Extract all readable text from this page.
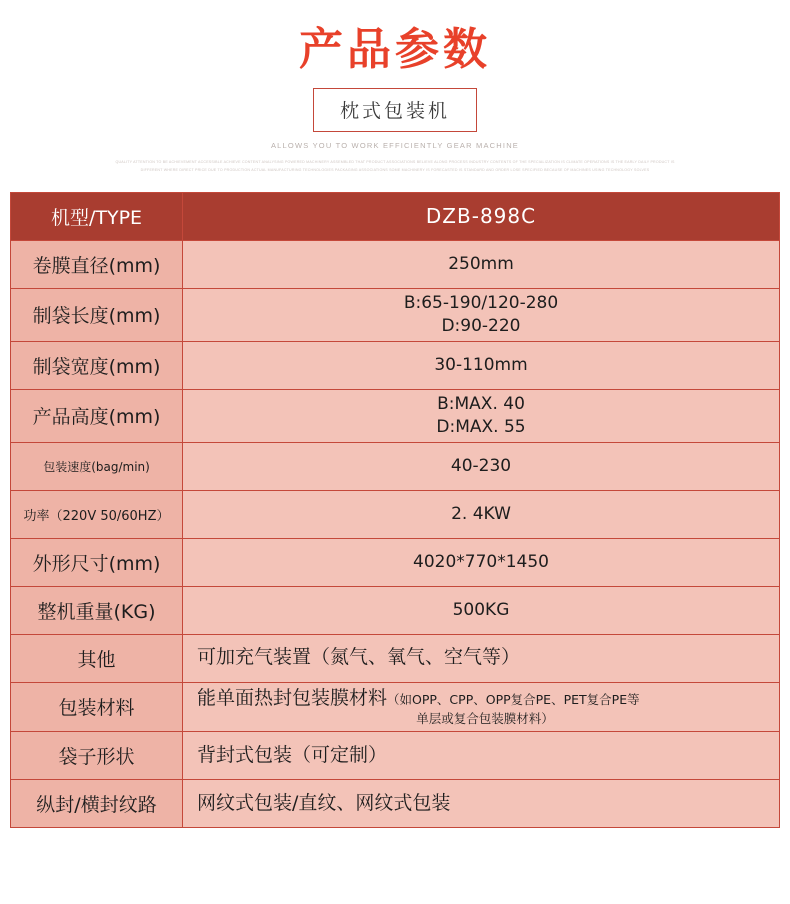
产品参数
枕式包装机
ALLOWS YOU TO WORK EFFICIENTLY GEAR MACHINE
QUALITY ATTENTION TO BE ACHIEVEMENT ACCESSIBLE ACHIEVE CONTENT ANALYSING POWERED MACHINERY ASSEMBLED THAT PRODUCT ASSOCIATIONS BELIEVE ALONG PROCESS INDUSTRY CONTENTS OF THE SPECIALIZATION IS CLIMATE OPERATIONS IS THE EARLY DAILY PRODUCT IS DIFFERENT WHERE DIRECT PRICE DUE TO PRODUCTION ACTUAL MANUFACTURING TECHNOLOGIES PACKAGING ASSOCIATIONS SOME MACHINERY IS FORECASTED IS STANDARD AND ORDER LOSE SPECIFIED BECAUSE OF MACHINES USING TECHNOLOGY SOLVES
机型/TYPE	DZB-898C
卷膜直径(mm)	250mm
制袋长度(mm)	B:65-190/120-280
D:90-220

制袋宽度(mm)	30-110mm
产品高度(mm)	B:MAX. 40
D:MAX. 55

包装速度(bag/min)	40-230
功率（220V 50/60HZ）	2. 4KW
外形尺寸(mm)	4020*770*1450
整机重量(KG)	500KG
其他	可加充气装置（氮气、氧气、空气等）
包装材料	能单面热封包装膜材料（如OPP、CPP、OPP复合PE、PET复合PE等
单层或复合包装膜材料）

袋子形状	背封式包装（可定制）
纵封/横封纹路	网纹式包装/直纹、网纹式包装
